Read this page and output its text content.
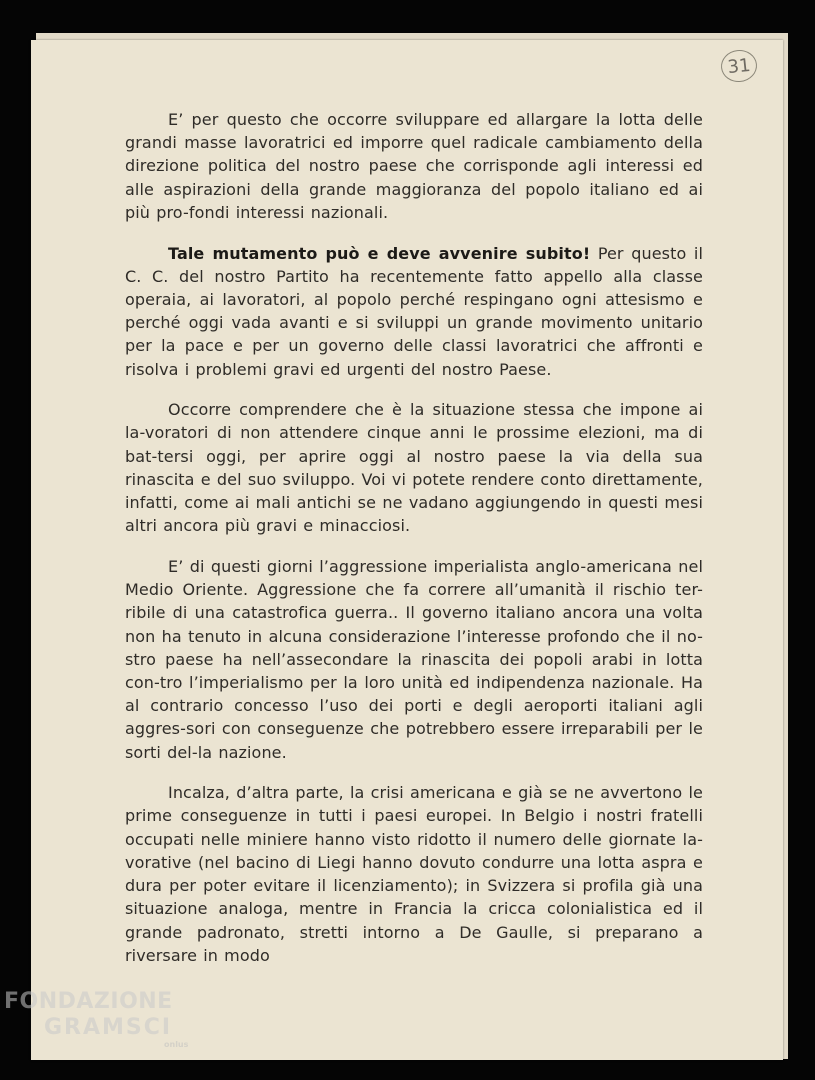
31

E’ per questo che occorre sviluppare ed allargare la lotta delle grandi masse lavoratrici ed imporre quel radicale cambiamento della direzione politica del nostro paese che corrisponde agli interessi ed alle aspirazioni della grande maggioranza del popolo italiano ed ai più pro-fondi interessi nazionali.

Tale mutamento può e deve avvenire subito! Per questo il C. C. del nostro Partito ha recentemente fatto appello alla classe operaia, ai lavoratori, al popolo perché respingano ogni attesismo e perché oggi vada avanti e si sviluppi un grande movimento unitario per la pace e per un governo delle classi lavoratrici che affronti e risolva i problemi gravi ed urgenti del nostro Paese.

Occorre comprendere che è la situazione stessa che impone ai la-voratori di non attendere cinque anni le prossime elezioni, ma di bat-tersi oggi, per aprire oggi al nostro paese la via della sua rinascita e del suo sviluppo. Voi vi potete rendere conto direttamente, infatti, come ai mali antichi se ne vadano aggiungendo in questi mesi altri ancora più gravi e minacciosi.

E’ di questi giorni l’aggressione imperialista anglo-americana nel Medio Oriente. Aggressione che fa correre all’umanità il rischio ter-ribile di una catastrofica guerra.. Il governo italiano ancora una volta non ha tenuto in alcuna considerazione l’interesse profondo che il no-stro paese ha nell’assecondare la rinascita dei popoli arabi in lotta con-tro l’imperialismo per la loro unità ed indipendenza nazionale. Ha al contrario concesso l’uso dei porti e degli aeroporti italiani agli aggres-sori con conseguenze che potrebbero essere irreparabili per le sorti del-la nazione.

Incalza, d’altra parte, la crisi americana e già se ne avvertono le prime conseguenze in tutti i paesi europei. In Belgio i nostri fratelli occupati nelle miniere hanno visto ridotto il numero delle giornate la-vorative (nel bacino di Liegi hanno dovuto condurre una lotta aspra e dura per poter evitare il licenziamento); in Svizzera si profila già una situazione analoga, mentre in Francia la cricca colonialistica ed il grande padronato, stretti intorno a De Gaulle, si preparano a riversare in modo

FONDAZIONE
GRAMSCI
onlus
